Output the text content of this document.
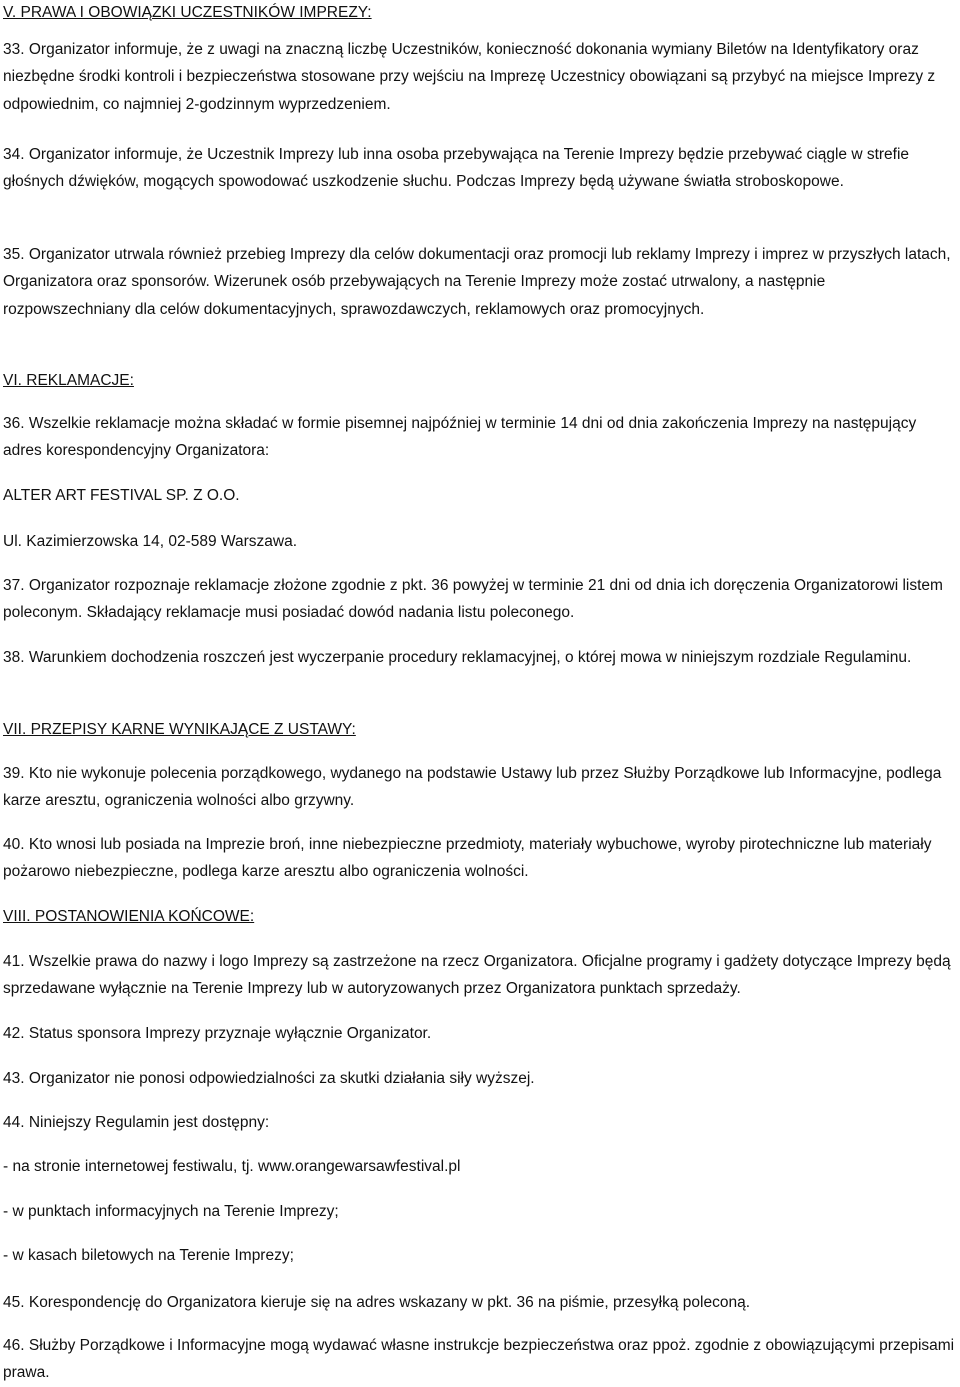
V. PRAWA I OBOWIĄZKI UCZESTNIKÓW IMPREZY:

33. Organizator informuje, że z uwagi na znaczną liczbę Uczestników, konieczność dokonania wymiany Biletów na Identyfikatory oraz niezbędne środki kontroli i bezpieczeństwa stosowane przy wejściu na Imprezę Uczestnicy obowiązani są przybyć na miejsce Imprezy z odpowiednim, co najmniej 2-godzinnym wyprzedzeniem.

34. Organizator informuje, że Uczestnik Imprezy lub inna osoba przebywająca na Terenie Imprezy będzie przebywać ciągle w strefie głośnych dźwięków, mogących spowodować uszkodzenie słuchu. Podczas Imprezy będą używane światła stroboskopowe.

35. Organizator utrwala również przebieg Imprezy dla celów dokumentacji oraz promocji lub reklamy Imprezy i imprez w przyszłych latach, Organizatora oraz sponsorów. Wizerunek osób przebywających na Terenie Imprezy może zostać utrwalony, a następnie rozpowszechniany dla celów dokumentacyjnych, sprawozdawczych, reklamowych oraz promocyjnych.

VI. REKLAMACJE:

36. Wszelkie reklamacje można składać w formie pisemnej najpóźniej w terminie 14 dni od dnia zakończenia Imprezy na następujący adres korespondencyjny Organizatora:

ALTER ART FESTIVAL SP. Z O.O.

Ul. Kazimierzowska 14, 02-589 Warszawa.

37. Organizator rozpoznaje reklamacje złożone zgodnie z pkt. 36 powyżej w terminie 21 dni od dnia ich doręczenia Organizatorowi listem poleconym. Składający reklamacje musi posiadać dowód nadania listu poleconego.

38. Warunkiem dochodzenia roszczeń jest wyczerpanie procedury reklamacyjnej, o której mowa w niniejszym rozdziale Regulaminu.

VII. PRZEPISY KARNE WYNIKAJĄCE Z USTAWY:

39. Kto nie wykonuje polecenia porządkowego, wydanego na podstawie Ustawy lub przez Służby Porządkowe lub Informacyjne, podlega karze aresztu, ograniczenia wolności albo grzywny.

40. Kto wnosi lub posiada na Imprezie broń, inne niebezpieczne przedmioty, materiały wybuchowe, wyroby pirotechniczne lub materiały pożarowo niebezpieczne, podlega karze aresztu albo ograniczenia wolności.

VIII. POSTANOWIENIA KOŃCOWE:

41. Wszelkie prawa do nazwy i logo Imprezy są zastrzeżone na rzecz Organizatora. Oficjalne programy i gadżety dotyczące Imprezy będą sprzedawane wyłącznie na Terenie Imprezy lub w autoryzowanych przez Organizatora punktach sprzedaży.

42. Status sponsora Imprezy przyznaje wyłącznie Organizator.

43. Organizator nie ponosi odpowiedzialności za skutki działania siły wyższej.

44. Niniejszy Regulamin jest dostępny:

- na stronie internetowej festiwalu, tj. www.orangewarsawfestival.pl

- w punktach informacyjnych na Terenie Imprezy;

- w kasach biletowych na Terenie Imprezy;

45. Korespondencję do Organizatora kieruje się na adres wskazany w pkt. 36 na piśmie, przesyłką poleconą.

46. Służby Porządkowe i Informacyjne mogą wydawać własne instrukcje bezpieczeństwa oraz ppoż. zgodnie z obowiązującymi przepisami prawa.
